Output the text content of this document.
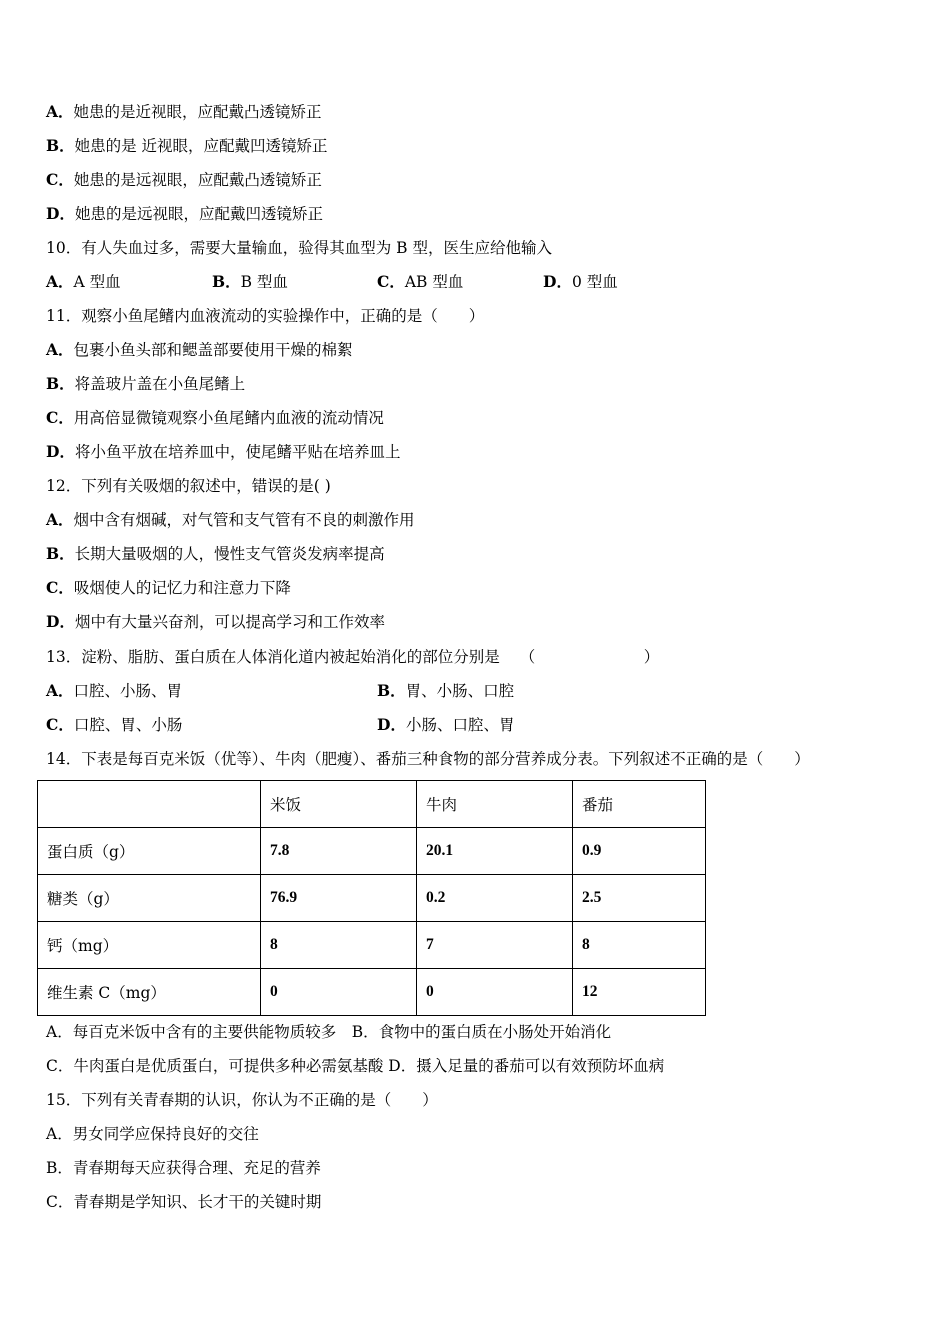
A．她患的是近视眼，应配戴凸透镜矫正
B．她患的是 近视眼，应配戴凹透镜矫正
C．她患的是远视眼，应配戴凸透镜矫正
D．她患的是远视眼，应配戴凹透镜矫正
10．有人失血过多，需要大量输血，验得其血型为 B 型，医生应给他输入
A．A 型血	B．B 型血	C．AB 型血	D．0 型血
11．观察小鱼尾鳍内血液流动的实验操作中，正确的是（　　）
A．包裹小鱼头部和鳃盖部要使用干燥的棉絮
B．将盖玻片盖在小鱼尾鳍上
C．用高倍显微镜观察小鱼尾鳍内血液的流动情况
D．将小鱼平放在培养皿中，使尾鳍平贴在培养皿上
12．下列有关吸烟的叙述中，错误的是( )
A．烟中含有烟碱，对气管和支气管有不良的刺激作用
B．长期大量吸烟的人，慢性支气管炎发病率提高
C．吸烟使人的记忆力和注意力下降
D．烟中有大量兴奋剂，可以提高学习和工作效率
13．淀粉、脂肪、蛋白质在人体消化道内被起始消化的部位分别是 （　　　　　　　）
A．口腔、小肠、胃	B．胃、小肠、口腔
C．口腔、胃、小肠	D．小肠、口腔、胃
14．下表是每百克米饭（优等）、牛肉（肥瘦）、番茄三种食物的部分营养成分表。下列叙述不正确的是（　　）
	米饭	牛肉	番茄
蛋白质（g）	7.8	20.1	0.9
糖类（g）	76.9	0.2	2.5
钙（mg）	8	7	8
维生素 C（mg）	0	0	12
A．每百克米饭中含有的主要供能物质较多　B．食物中的蛋白质在小肠处开始消化
C．牛肉蛋白是优质蛋白，可提供多种必需氨基酸 D．摄入足量的番茄可以有效预防坏血病
15．下列有关青春期的认识，你认为不正确的是（　　）
A．男女同学应保持良好的交往
B．青春期每天应获得合理、充足的营养
C．青春期是学知识、长才干的关键时期
